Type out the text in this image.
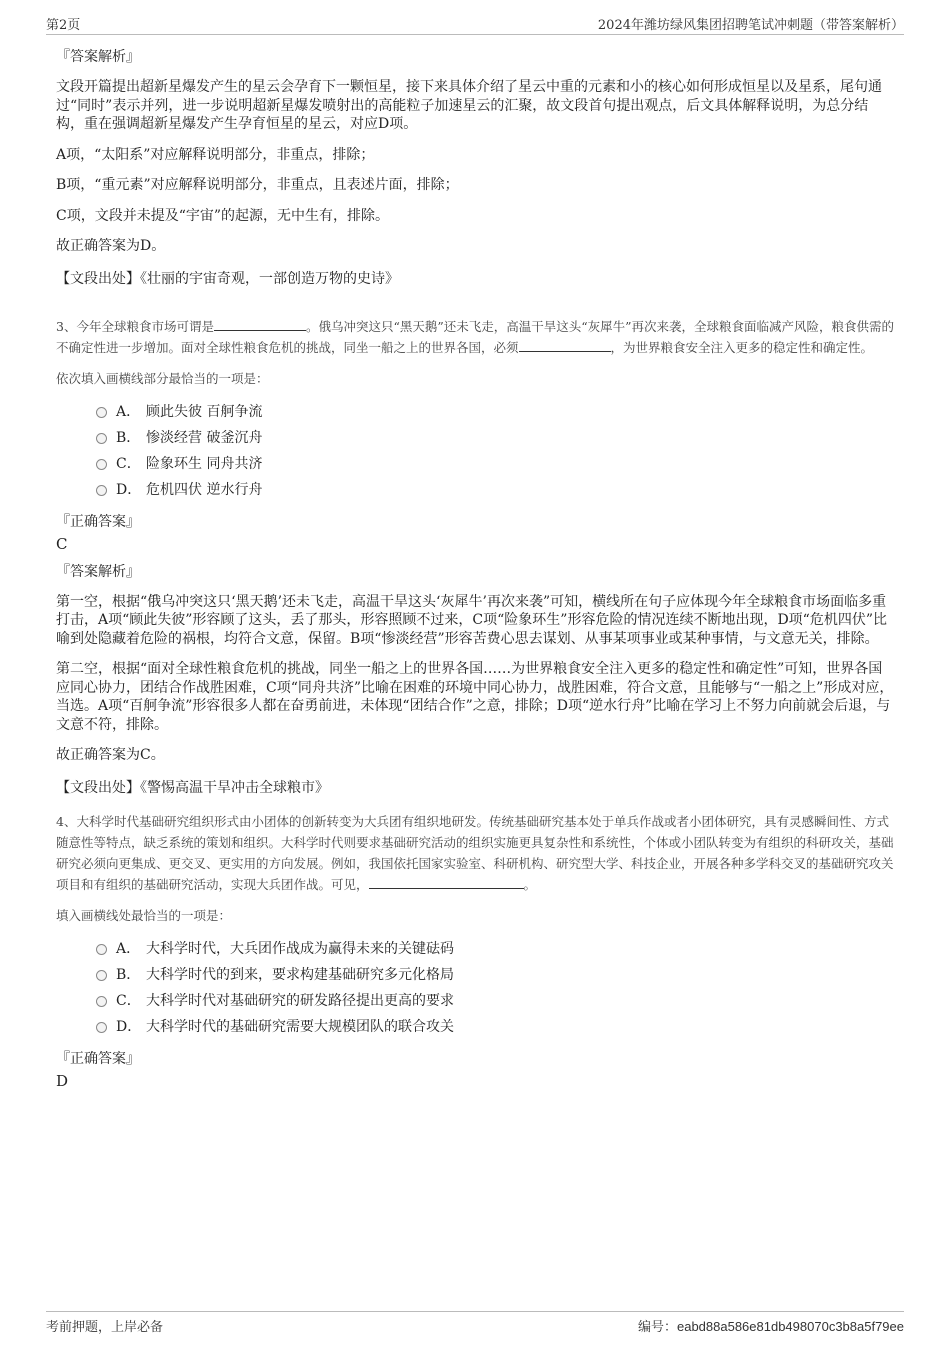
第2页	2024年潍坊绿风集团招聘笔试冲刺题（带答案解析）
『答案解析』

文段开篇提出超新星爆发产生的星云会孕育下一颗恒星，接下来具体介绍了星云中重的元素和小的核心如何形成恒星以及星系，尾句通过“同时”表示并列，进一步说明超新星爆发喷射出的高能粒子加速星云的汇聚，故文段首句提出观点，后文具体解释说明，为总分结构，重在强调超新星爆发产生孕育恒星的星云，对应D项。

A项，“太阳系”对应解释说明部分，非重点，排除；

B项，“重元素”对应解释说明部分，非重点，且表述片面，排除；

C项，文段并未提及“宇宙”的起源，无中生有，排除。

故正确答案为D。

【文段出处】《壮丽的宇宙奇观，一部创造万物的史诗》

3、今年全球粮食市场可谓是	。俄乌冲突这只“黑天鹅”还未飞走，高温干旱这头“灰犀牛”再次来袭，全球粮食面临减产风险，粮食供需的不确定性进一步增加。面对全球性粮食危机的挑战，同坐一船之上的世界各国，必须	，为世界粮食安全注入更多的稳定性和确定性。

依次填入画横线部分最恰当的一项是：

A． 顾此失彼 百舸争流
B． 惨淡经营 破釜沉舟
C． 险象环生 同舟共济
D． 危机四伏 逆水行舟
『正确答案』
C
『答案解析』

第一空，根据“俄乌冲突这只‘黑天鹅’还未飞走，高温干旱这头‘灰犀牛’再次来袭”可知，横线所在句子应体现今年全球粮食市场面临多重打击，A项“顾此失彼”形容顾了这头，丢了那头，形容照顾不过来，C项“险象环生”形容危险的情况连续不断地出现，D项“危机四伏”比喻到处隐藏着危险的祸根，均符合文意，保留。B项“惨淡经营”形容苦费心思去谋划、从事某项事业或某种事情，与文意无关，排除。

第二空，根据“面对全球性粮食危机的挑战，同坐一船之上的世界各国……为世界粮食安全注入更多的稳定性和确定性”可知，世界各国应同心协力，团结合作战胜困难，C项“同舟共济”比喻在困难的环境中同心协力，战胜困难，符合文意，且能够与“一船之上”形成对应，当选。A项“百舸争流”形容很多人都在奋勇前进，未体现“团结合作”之意，排除；D项“逆水行舟”比喻在学习上不努力向前就会后退，与文意不符，排除。

故正确答案为C。

【文段出处】《警惕高温干旱冲击全球粮市》

4、大科学时代基础研究组织形式由小团体的创新转变为大兵团有组织地研发。传统基础研究基本处于单兵作战或者小团体研究，具有灵感瞬间性、方式随意性等特点，缺乏系统的策划和组织。大科学时代则要求基础研究活动的组织实施更具复杂性和系统性，个体或小团队转变为有组织的科研攻关，基础研究必须向更集成、更交叉、更实用的方向发展。例如，我国依托国家实验室、科研机构、研究型大学、科技企业，开展各种多学科交叉的基础研究攻关项目和有组织的基础研究活动，实现大兵团作战。可见，	。

填入画横线处最恰当的一项是：

A． 大科学时代，大兵团作战成为赢得未来的关键砝码
B． 大科学时代的到来，要求构建基础研究多元化格局
C． 大科学时代对基础研究的研发路径提出更高的要求
D． 大科学时代的基础研究需要大规模团队的联合攻关
『正确答案』
D
考前押题，上岸必备	编号：eabd88a586e81db498070c3b8a5f79ee
